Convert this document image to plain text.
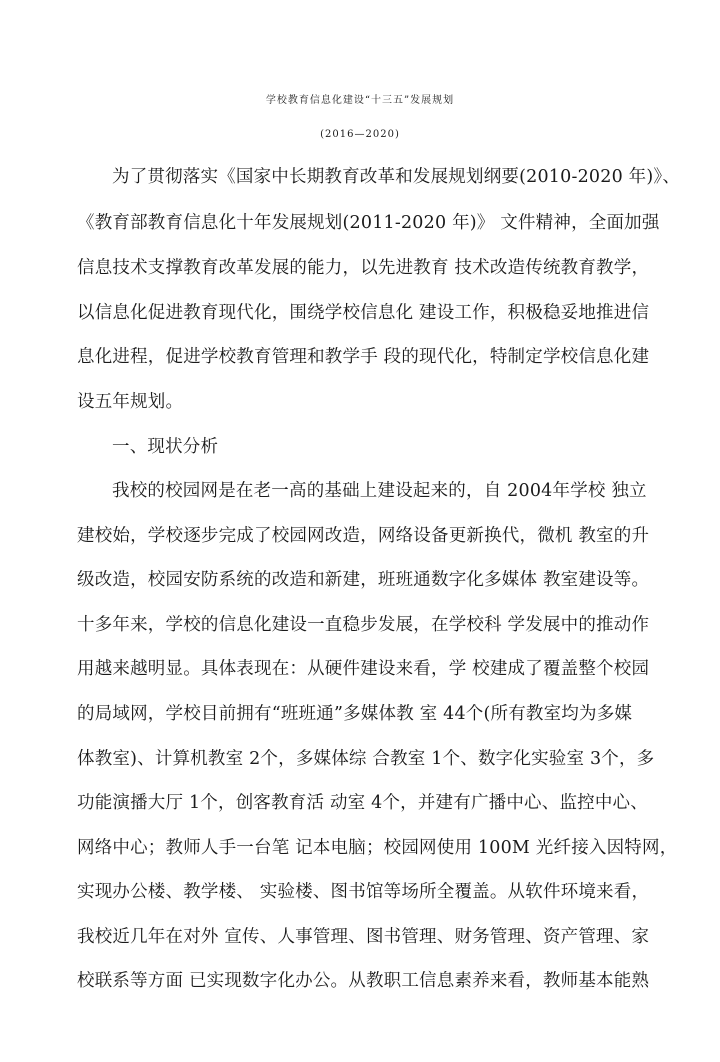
学校教育信息化建设“十三五”发展规划
(2016—2020)
为了贯彻落实《国家中长期教育改革和发展规划纲要(2010-2020 年)》、
《教育部教育信息化十年发展规划(2011-2020 年)》 文件精神，全面加强
信息技术支撑教育改革发展的能力，以先进教育 技术改造传统教育教学，
以信息化促进教育现代化，围绕学校信息化 建设工作，积极稳妥地推进信
息化进程，促进学校教育管理和教学手 段的现代化，特制定学校信息化建
设五年规划。
一、现状分析
我校的校园网是在老一高的基础上建设起来的，自 2004年学校 独立
建校始，学校逐步完成了校园网改造，网络设备更新换代，微机 教室的升
级改造，校园安防系统的改造和新建，班班通数字化多媒体 教室建设等。
十多年来，学校的信息化建设一直稳步发展，在学校科 学发展中的推动作
用越来越明显。具体表现在：从硬件建设来看，学 校建成了覆盖整个校园
的局域网，学校目前拥有“班班通”多媒体教 室 44个(所有教室均为多媒
体教室)、计算机教室 2个，多媒体综 合教室 1个、数字化实验室 3个，多
功能演播大厅 1个，创客教育活 动室 4个，并建有广播中心、监控中心、
网络中心；教师人手一台笔 记本电脑；校园网使用 100M 光纤接入因特网，
实现办公楼、教学楼、 实验楼、图书馆等场所全覆盖。从软件环境来看，
我校近几年在对外 宣传、人事管理、图书管理、财务管理、资产管理、家
校联系等方面 已实现数字化办公。从教职工信息素养来看，教师基本能熟
